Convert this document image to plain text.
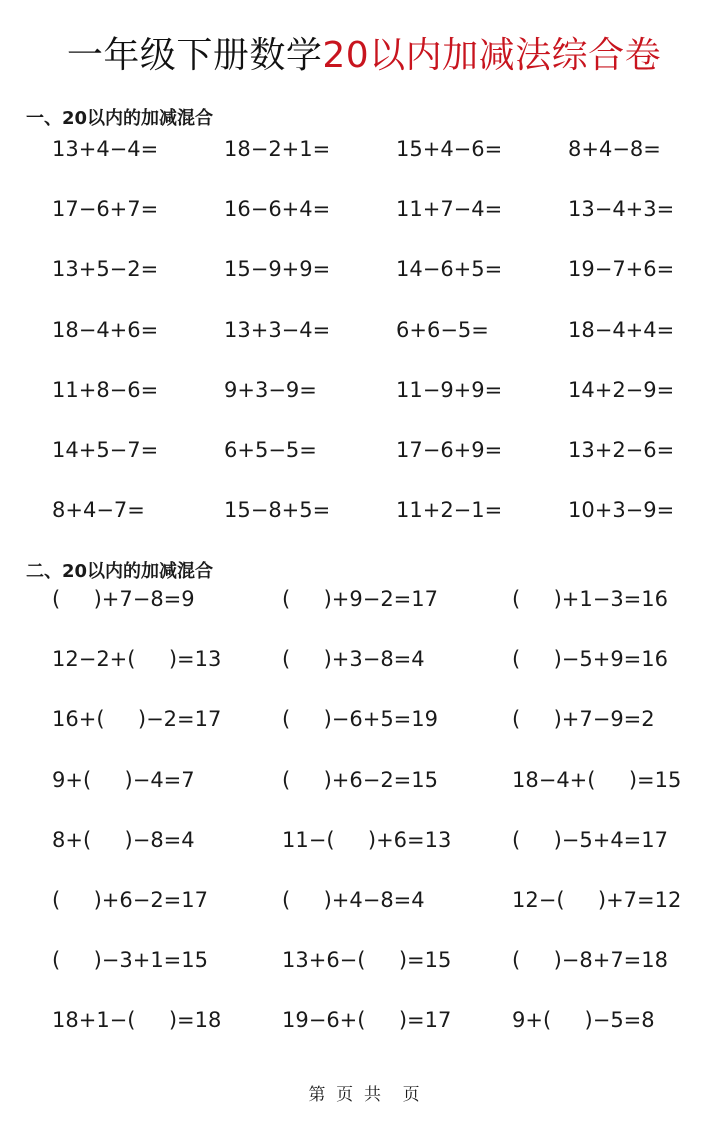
一年级下册数学20以内加减法综合卷
一、20以内的加减混合
13+4−4=	18−2+1=	15+4−6=	8+4−8=
17−6+7=	16−6+4=	11+7−4=	13−4+3=
13+5−2=	15−9+9=	14−6+5=	19−7+6=
18−4+6=	13+3−4=	6+6−5=	18−4+4=
11+8−6=	9+3−9=	11−9+9=	14+2−9=
14+5−7=	6+5−5=	17−6+9=	13+2−6=
8+4−7=	15−8+5=	11+2−1=	10+3−9=
二、20以内的加减混合
(     )+7−8=9	(     )+9−2=17	(     )+1−3=16
12−2+(     )=13	(     )+3−8=4	(     )−5+9=16
16+(     )−2=17	(     )−6+5=19	(     )+7−9=2
9+(     )−4=7	(     )+6−2=15	18−4+(     )=15
8+(     )−8=4	11−(     )+6=13	(     )−5+4=17
(     )+6−2=17	(     )+4−8=4	12−(     )+7=12
(     )−3+1=15	13+6−(     )=15	(     )−8+7=18
18+1−(     )=18	19−6+(     )=17	9+(     )−5=8
第  页  共    页
